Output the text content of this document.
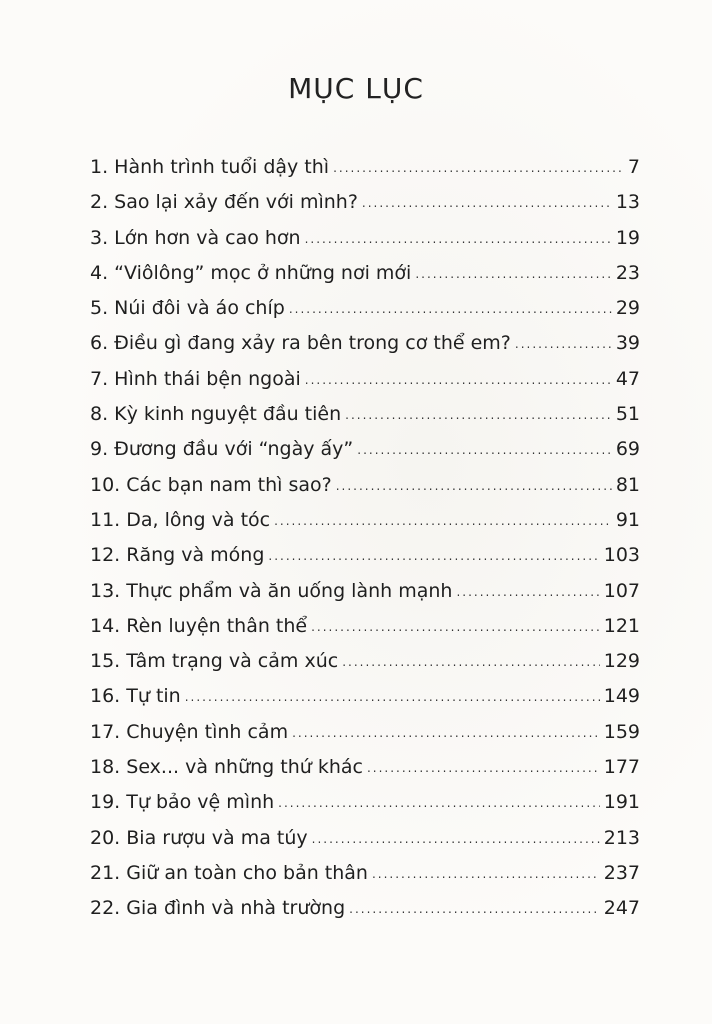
MỤC LỤC
1. Hành trình tuổi dậy thì .....	7
2. Sao lại xảy đến với mình? .....	13
3. Lớn hơn và cao hơn .....	19
4. “Viôlông” mọc ở những nơi mới .....	23
5. Núi đôi và áo chíp .....	29
6. Điều gì đang xảy ra bên trong cơ thể em? .....	39
7. Hình thái bện ngoài .....	47
8. Kỳ kinh nguyệt đầu tiên .....	51
9. Đương đầu với “ngày ấy” .....	69
10. Các bạn nam thì sao? .....	81
11. Da, lông và tóc .....	91
12. Răng và móng .....	103
13. Thực phẩm và ăn uống lành mạnh .....	107
14. Rèn luyện thân thể .....	121
15. Tâm trạng và cảm xúc .....	129
16. Tự tin .....	149
17. Chuyện tình cảm .....	159
18. Sex... và những thứ khác .....	177
19. Tự bảo vệ mình .....	191
20. Bia rượu và ma túy .....	213
21. Giữ an toàn cho bản thân .....	237
22. Gia đình và nhà trường .....	247
